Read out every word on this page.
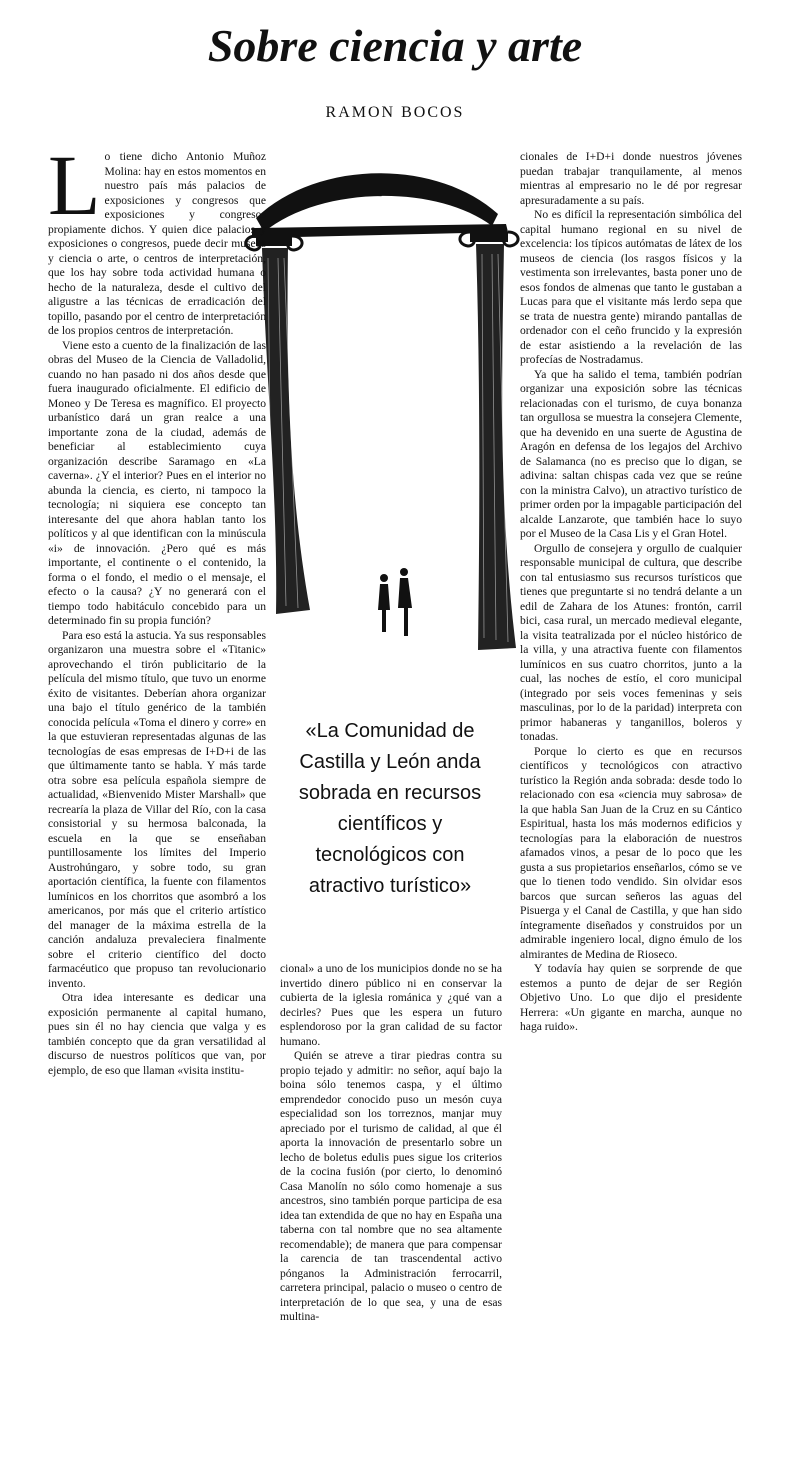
Sobre ciencia y arte
RAMON BOCOS

Lo tiene dicho Antonio Muñoz Molina: hay en estos momentos en nuestro país más palacios de exposiciones y congresos que exposiciones y congresos propiamente dichos. Y quien dice palacios y exposiciones o congresos, puede decir museos y ciencia o arte, o centros de interpretación, que los hay sobre toda actividad humana o hecho de la naturaleza, desde el cultivo del aligustre a las técnicas de erradicación del topillo, pasando por el centro de interpretación de los propios centros de interpretación.

Viene esto a cuento de la finalización de las obras del Museo de la Ciencia de Valladolid, cuando no han pasado ni dos años desde que fuera inaugurado oficialmente. El edificio de Moneo y De Teresa es magnífico. El proyecto urbanístico dará un gran realce a una importante zona de la ciudad, además de beneficiar al establecimiento cuya organización describe Saramago en «La caverna». ¿Y el interior? Pues en el interior no abunda la ciencia, es cierto, ni tampoco la tecnología; ni siquiera ese concepto tan interesante del que ahora hablan tanto los políticos y al que identifican con la minúscula «i» de innovación. ¿Pero qué es más importante, el continente o el contenido, la forma o el fondo, el medio o el mensaje, el efecto o la causa? ¿Y no generará con el tiempo todo habitáculo concebido para un determinado fin su propia función?

Para eso está la astucia. Ya sus responsables organizaron una muestra sobre el «Titanic» aprovechando el tirón publicitario de la película del mismo título, que tuvo un enorme éxito de visitantes. Deberían ahora organizar una bajo el título genérico de la también conocida película «Toma el dinero y corre» en la que estuvieran representadas algunas de las tecnologías de esas empresas de I+D+i de las que últimamente tanto se habla. Y más tarde otra sobre esa película española siempre de actualidad, «Bienvenido Mister Marshall» que recrearía la plaza de Villar del Río, con la casa consistorial y su hermosa balconada, la escuela en la que se enseñaban puntillosamente los límites del Imperio Austrohúngaro, y sobre todo, su gran aportación científica, la fuente con filamentos lumínicos en los chorritos que asombró a los americanos, por más que el criterio artístico del manager de la máxima estrella de la canción andaluza prevaleciera finalmente sobre el criterio científico del docto farmacéutico que propuso tan revolucionario invento.

Otra idea interesante es dedicar una exposición permanente al capital humano, pues sin él no hay ciencia que valga y es también concepto que da gran versatilidad al discurso de nuestros políticos que van, por ejemplo, de eso que llaman «visita institu-

«La Comunidad de Castilla y León anda sobrada en recursos científicos y tecnológicos con atractivo turístico»

cional» a uno de los municipios donde no se ha invertido dinero público ni en conservar la cubierta de la iglesia románica y ¿qué van a decirles? Pues que les espera un futuro esplendoroso por la gran calidad de su factor humano.

Quién se atreve a tirar piedras contra su propio tejado y admitir: no señor, aquí bajo la boina sólo tenemos caspa, y el último emprendedor conocido puso un mesón cuya especialidad son los torreznos, manjar muy apreciado por el turismo de calidad, al que él aporta la innovación de presentarlo sobre un lecho de boletus edulis pues sigue los criterios de la cocina fusión (por cierto, lo denominó Casa Manolín no sólo como homenaje a sus ancestros, sino también porque participa de esa idea tan extendida de que no hay en España una taberna con tal nombre que no sea altamente recomendable); de manera que para compensar la carencia de tan trascendental activo pónganos la Administración ferrocarril, carretera principal, palacio o museo o centro de interpretación de lo que sea, y una de esas multina-

cionales de I+D+i donde nuestros jóvenes puedan trabajar tranquilamente, al menos mientras al empresario no le dé por regresar apresuradamente a su país.

No es difícil la representación simbólica del capital humano regional en su nivel de excelencia: los típicos autómatas de látex de los museos de ciencia (los rasgos físicos y la vestimenta son irrelevantes, basta poner uno de esos fondos de almenas que tanto le gustaban a Lucas para que el visitante más lerdo sepa que se trata de nuestra gente) mirando pantallas de ordenador con el ceño fruncido y la expresión de estar asistiendo a la revelación de las profecías de Nostradamus.

Ya que ha salido el tema, también podrían organizar una exposición sobre las técnicas relacionadas con el turismo, de cuya bonanza tan orgullosa se muestra la consejera Clemente, que ha devenido en una suerte de Agustina de Aragón en defensa de los legajos del Archivo de Salamanca (no es preciso que lo digan, se adivina: saltan chispas cada vez que se reúne con la ministra Calvo), un atractivo turístico de primer orden por la impagable participación del alcalde Lanzarote, que también hace lo suyo por el Museo de la Casa Lis y el Gran Hotel.

Orgullo de consejera y orgullo de cualquier responsable municipal de cultura, que describe con tal entusiasmo sus recursos turísticos que tienes que preguntarte si no tendrá delante a un edil de Zahara de los Atunes: frontón, carril bici, casa rural, un mercado medieval elegante, la visita teatralizada por el núcleo histórico de la villa, y una atractiva fuente con filamentos lumínicos en sus cuatro chorritos, junto a la cual, las noches de estío, el coro municipal (integrado por seis voces femeninas y seis masculinas, por lo de la paridad) interpreta con primor habaneras y tanganillos, boleros y tonadas.

Porque lo cierto es que en recursos científicos y tecnológicos con atractivo turístico la Región anda sobrada: desde todo lo relacionado con esa «ciencia muy sabrosa» de la que habla San Juan de la Cruz en su Cántico Espiritual, hasta los más modernos edificios y tecnologías para la elaboración de nuestros afamados vinos, a pesar de lo poco que les gusta a sus propietarios enseñarlos, cómo se ve que lo tienen todo vendido. Sin olvidar esos barcos que surcan señeros las aguas del Pisuerga y el Canal de Castilla, y que han sido íntegramente diseñados y construidos por un admirable ingeniero local, digno émulo de los almirantes de Medina de Rioseco.

Y todavía hay quien se sorprende de que estemos a punto de dejar de ser Región Objetivo Uno. Lo que dijo el presidente Herrera: «Un gigante en marcha, aunque no haga ruido».
